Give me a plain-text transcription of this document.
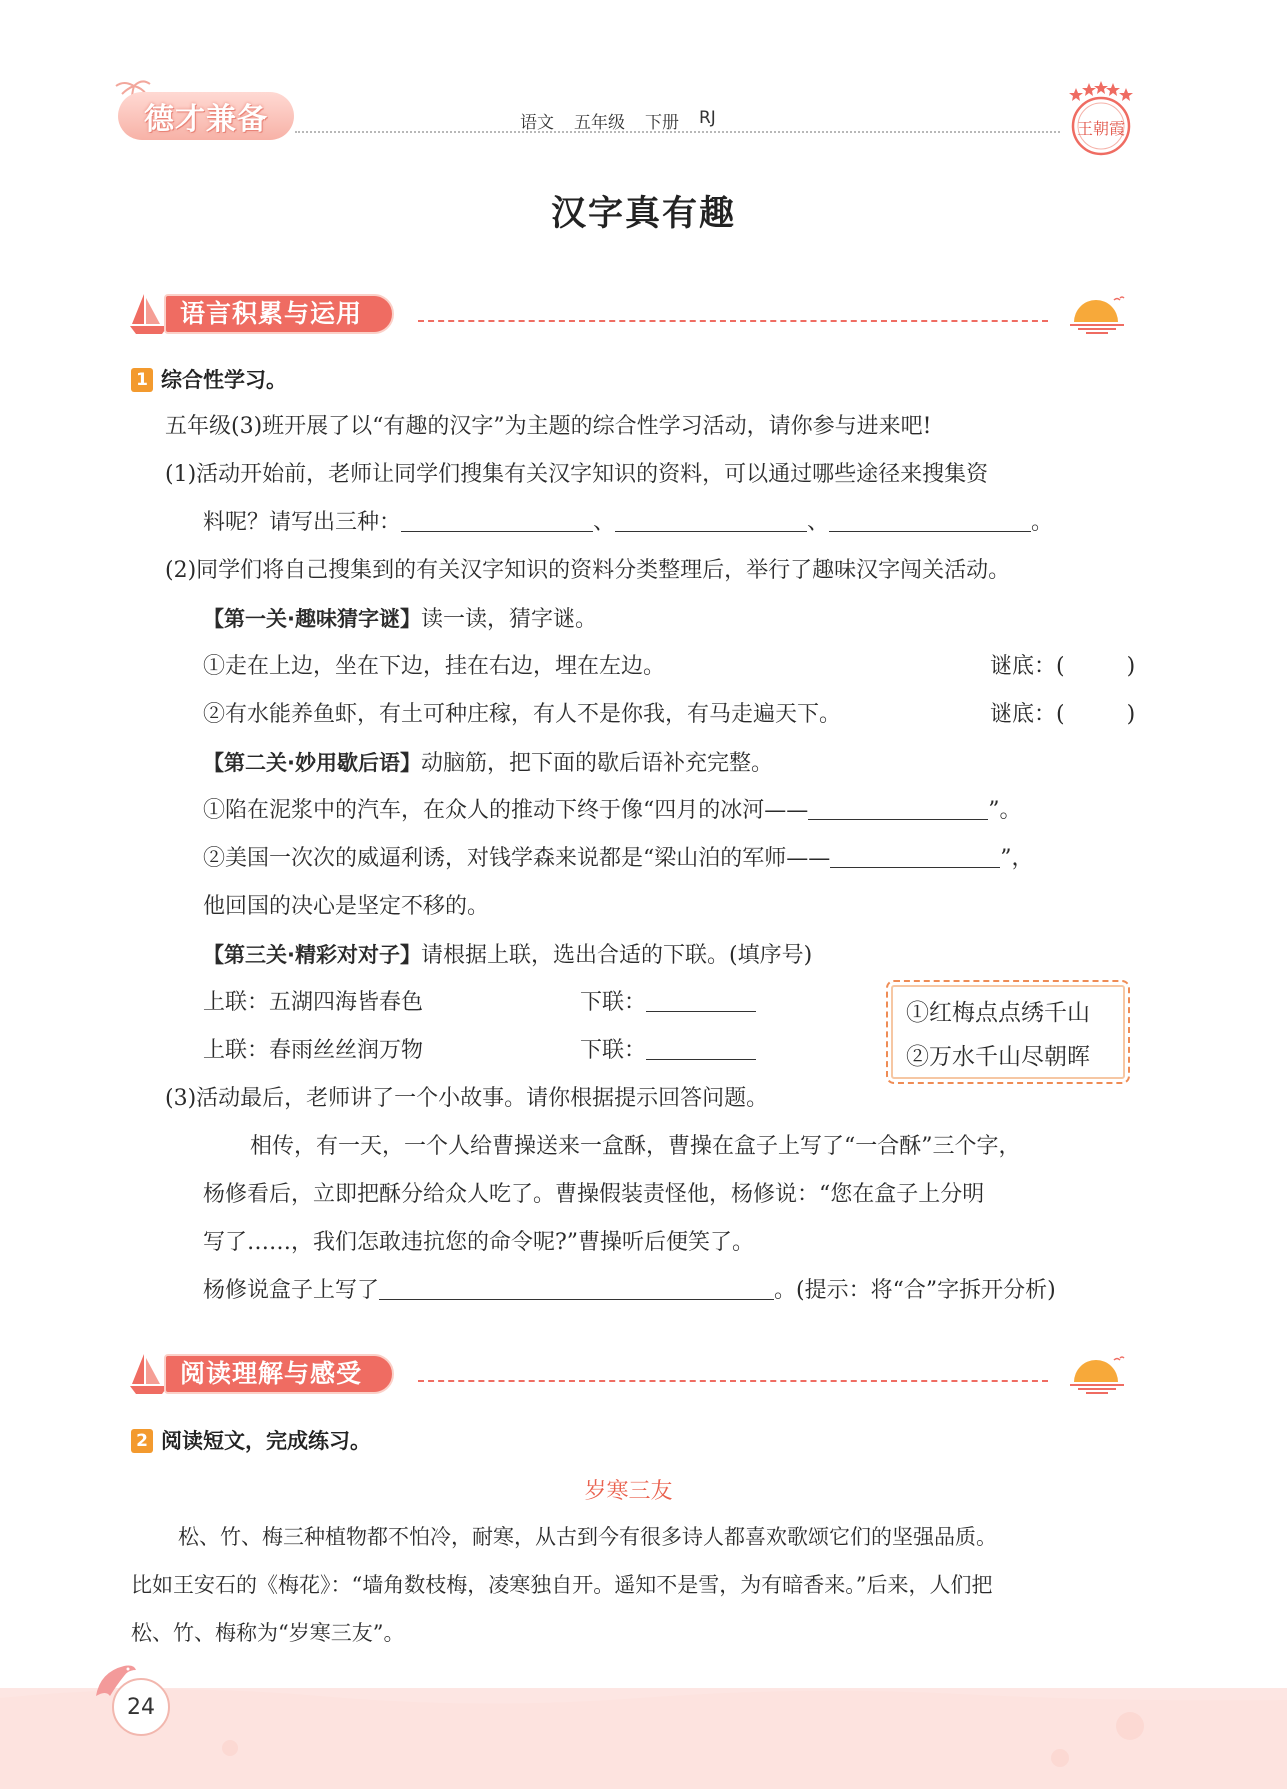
德才兼备	语文 五年级 下册 RJ
王朝霞
汉字真有趣
语言积累与运用
1 综合性学习。
五年级(3)班开展了以“有趣的汉字”为主题的综合性学习活动，请你参与进来吧!
(1)活动开始前，老师让同学们搜集有关汉字知识的资料，可以通过哪些途径来搜集资
料呢？请写出三种：	、	、	。
(2)同学们将自己搜集到的有关汉字知识的资料分类整理后，举行了趣味汉字闯关活动。
【第一关·趣味猜字谜】读一读，猜字谜。
①走在上边，坐在下边，挂在右边，埋在左边。	谜底：(	)
②有水能养鱼虾，有土可种庄稼，有人不是你我，有马走遍天下。	谜底：(	)
【第二关·妙用歇后语】动脑筋，把下面的歇后语补充完整。
①陷在泥浆中的汽车，在众人的推动下终于像“四月的冰河——	”。
②美国一次次的威逼利诱，对钱学森来说都是“梁山泊的军师——	”，
他回国的决心是坚定不移的。
【第三关·精彩对对子】请根据上联，选出合适的下联。(填序号)
上联：五湖四海皆春色	下联：
上联：春雨丝丝润万物	下联：
①红梅点点绣千山
②万水千山尽朝晖
(3)活动最后，老师讲了一个小故事。请你根据提示回答问题。
相传，有一天，一个人给曹操送来一盒酥，曹操在盒子上写了“一合酥”三个字，
杨修看后，立即把酥分给众人吃了。曹操假装责怪他，杨修说：“您在盒子上分明
写了……，我们怎敢违抗您的命令呢?”曹操听后便笑了。
杨修说盒子上写了	。(提示：将“合”字拆开分析)
阅读理解与感受
2 阅读短文，完成练习。
岁寒三友
松、竹、梅三种植物都不怕冷，耐寒，从古到今有很多诗人都喜欢歌颂它们的坚强品质。
比如王安石的《梅花》：“墙角数枝梅，凌寒独自开。遥知不是雪，为有暗香来。”后来，人们把
松、竹、梅称为“岁寒三友”。
24
